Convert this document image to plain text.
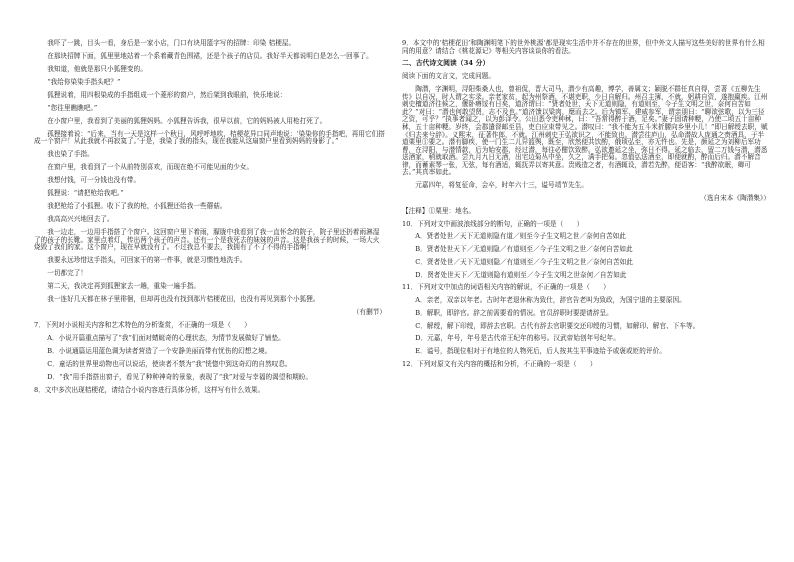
我吓了一跳，目头一看，身后是一家小店，门口有块用篮字写的招牌：印染 桔梗屋。

在那块招牌下面，狐里里地站着一个系着藏青色围裙，还是个孩子的店员。我好半天都说明白是怎么一回事了。

我知道，他就是那只小狐狸变的。

“我给你染染手指头吧？”

狐狸说着，用四根染成的手指组成一个菱形的窗户，然后架到我眼前，快乐地说：

“您往里瞧瞧吧。”

在小窗户里，我看到了美丽的狐狸妈妈。小狐狸告诉我，很早以前，它的妈妈被人用枪打死了。

孤狸接着说：“后来，当有一天是这样一个秋日，风呼呼地吹，桔梗花异口同声地说：‘染染你的手指吧，再用它们搭成一个窗户！从此我就不再寂寞了。’于是，我染了我的指头，现在我能从这扇窗户里看到妈妈的身影了。”

我也染了手指。

在窗户里，我看到了一个从前特别喜欢，而现在绝不可能见面的少女。

我想付钱，可一分钱也没有带。

狐狸说：“请把枪给我吧。”

我把枪给了小狐狸。收下了我的枪，小狐狸还给我一些蘑菇。

我高高兴兴地回去了。

我一边走，一边用手指搭了个窗户。这回窗户里下着雨，朦胧中我看到了我一直怀念的院子，院子里还扔着雨淋湿了的孩子的长靴。家里点着灯，传出两个孩子的声音。还有一个是我死去的妹妹的声音。这是我孩子的时候，一场大火烧毁了我们的家。这个窗户，现在早就没有了。不过我总不要去，我拥有了不了不得的手指啊！

我要永远珍惜这手指头，可回家干的第一件事，就是习惯性地洗手。

一切都完了！

第二天，我决定再到狐狸家去一趟，重染一遍手指。

我一连好几天都在林子里徘徊，但却再也没有找到那片桔梗花田，也没有再见到那个小狐狸。

（有删节）

7．下列对小说相关内容和艺术特色的分析鉴赏，不正确的一项是（　　）

A．小说开篇重点描写了“我”们面对蜻蜓奇的心理状态，为情节发展做好了铺垫。

B．小说通篇运用蓝色调为读者营造了一个安静美丽而带有忧伤的幻想之境。

C．童话的世界里动物也可以说话，使读者不禁为“我”恍惚中到这奇幻的自然叹息。

D．“我”用手指搭出窗子，看见了种种神奇的景象，表现了“我”对爱与幸福的渴望和期盼。

8．文中多次出现桔梗花，请结合小说内容进行具体分析，这样写有什么效果。

9．本文中的‘桔梗花田’和陶渊明笔下的世外桃源‘都是现实生活中并不存在的世界，但中外文人描写这些美好的世界有什么相同的用意？请结合《桃花源记》等相关内容谈谈你的看法。

二、古代诗文阅读（34 分）

阅读下面的文言文，完成问题。

陶潜，字渊明，浔阳柴桑人也，曾祖侃，晋大司马，潜少有高趣，博学，善属文；颖脱不群任真自得，尝著《五柳先生传》以自况，时人谓之实录。亲老家贫，起为州祭酒，不堪吏职，少日自解归。州召主簿，不就，躬耕自资，遂抱羸疾。江州刺史檀道济往候之，偃卧瘠馁有日矣，道济谓曰：“贤者处世，天下无道则隐，有道则至，今子生文明之世，奈何自苦如此？”对曰：“潜也何敢望贤，志不及也。”道济馈以粱肉，麾而去之。后为镇军、建威参军，谓亲朋曰：“聊欲弦歌，以为三径之资，可乎？”执事者闻之，以为彭泽令。公田悉令吏种秫，曰：“吾常得醉于酒，足矣。”妻子固请种粳，乃使二顷五十亩种秫，五十亩种粳。岁终，会郡遣督邮至县，吏白应束带见之。潜叹曰：“我不能为五斗米折腰向乡里小儿！”即日解绶去职，赋《归去来兮辞》。义熙末，征著作郎，不就。江州刺史王弘欲识之，不能致也。潜尝往庐山，弘命潜故人庞通之赍酒具，于半道栗里①要之。潜有脚疾，使一门生二儿舁篮舆，既至，欣然便共饮酌，俄顷弘至，亦无忤也。先是，颜延之为刘柳后军功曹，在浔阳，与潜情款，后为始安郡，经过潜，每往必酣饮致醉。弘欲邀延之坐，弥日不得。延之临去，留二万钱与潜，潜悉送酒家，稍就取酒。尝九月九日无酒，出宅边菊丛中坐，久之，满手把菊。忽值弘送酒至，即便就酌，醉而后归。潜不解音律，而蓄素琴一张，无弦，每有酒适，辄抚弄以寄其意。贵贱造之者，有酒辄设，潜若先醉，便语客：“我醉欲眠，卿可去。”其真率如此。

元嘉四年，将复征命，会卒，时年六十三，谥号靖节先生。

（选自宋本《陶潜集》）

【注释】①栗里：地名。

10．下列对文中画波浪线部分的断句，正确的一项是（　　）

A．贤者处世／天下无道则隐有道／则至今子生文明之世／奈何自苦如此

B．贤者处世天下／无道则隐／有道则至／今子生文明之世／奈何自苦如此

C．贤者处世／天下无道则隐／有道则至／今子生文明之世／奈何自苦如此

D．贤者处世天下／无道则隐有道则至／今子生文明之世奈何／自苦如此

11．下列对文中加点的词语相关内容的解说，不正确的一项是（　　）

A．亲老，双亲以年老。古时年老退休称为致仕，辞官告老叫为致政，为国宁退的主要原因。

B．解职，即辞官。辞之前需要看的情况。官员辞职时要提请辞呈。

C．解绶，解下印绶，即辞去官职。古代有辞去官职要交还印绶的习惯，如解印、解官、下车等。

D．元嘉，年号，年号是古代帝王纪年的称号。汉武帝始创年号纪年。

E．谥号，指现位相对于有地位的人物死后，后人按其生平事迹给予或褒或贬的评价。

12．下列对原文有关内容的概括和分析，不正确的一项是（　　）
